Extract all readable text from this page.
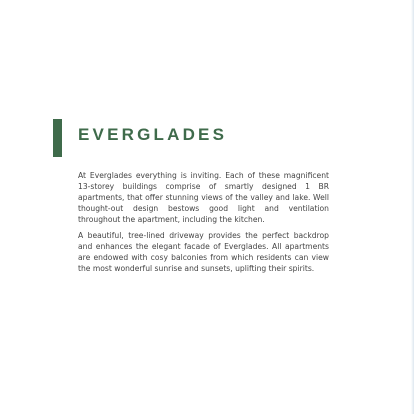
EVERGLADES

At Everglades everything is inviting. Each of these magnificent 13-storey buildings comprise of smartly designed 1 BR apartments, that offer stunning views of the valley and lake. Well thought-out design bestows good light and ventilation throughout the apartment, including the kitchen.

A beautiful, tree-lined driveway provides the perfect backdrop and enhances the elegant facade of Everglades. All apartments are endowed with cosy balconies from which residents can view the most wonderful sunrise and sunsets, uplifting their spirits.
